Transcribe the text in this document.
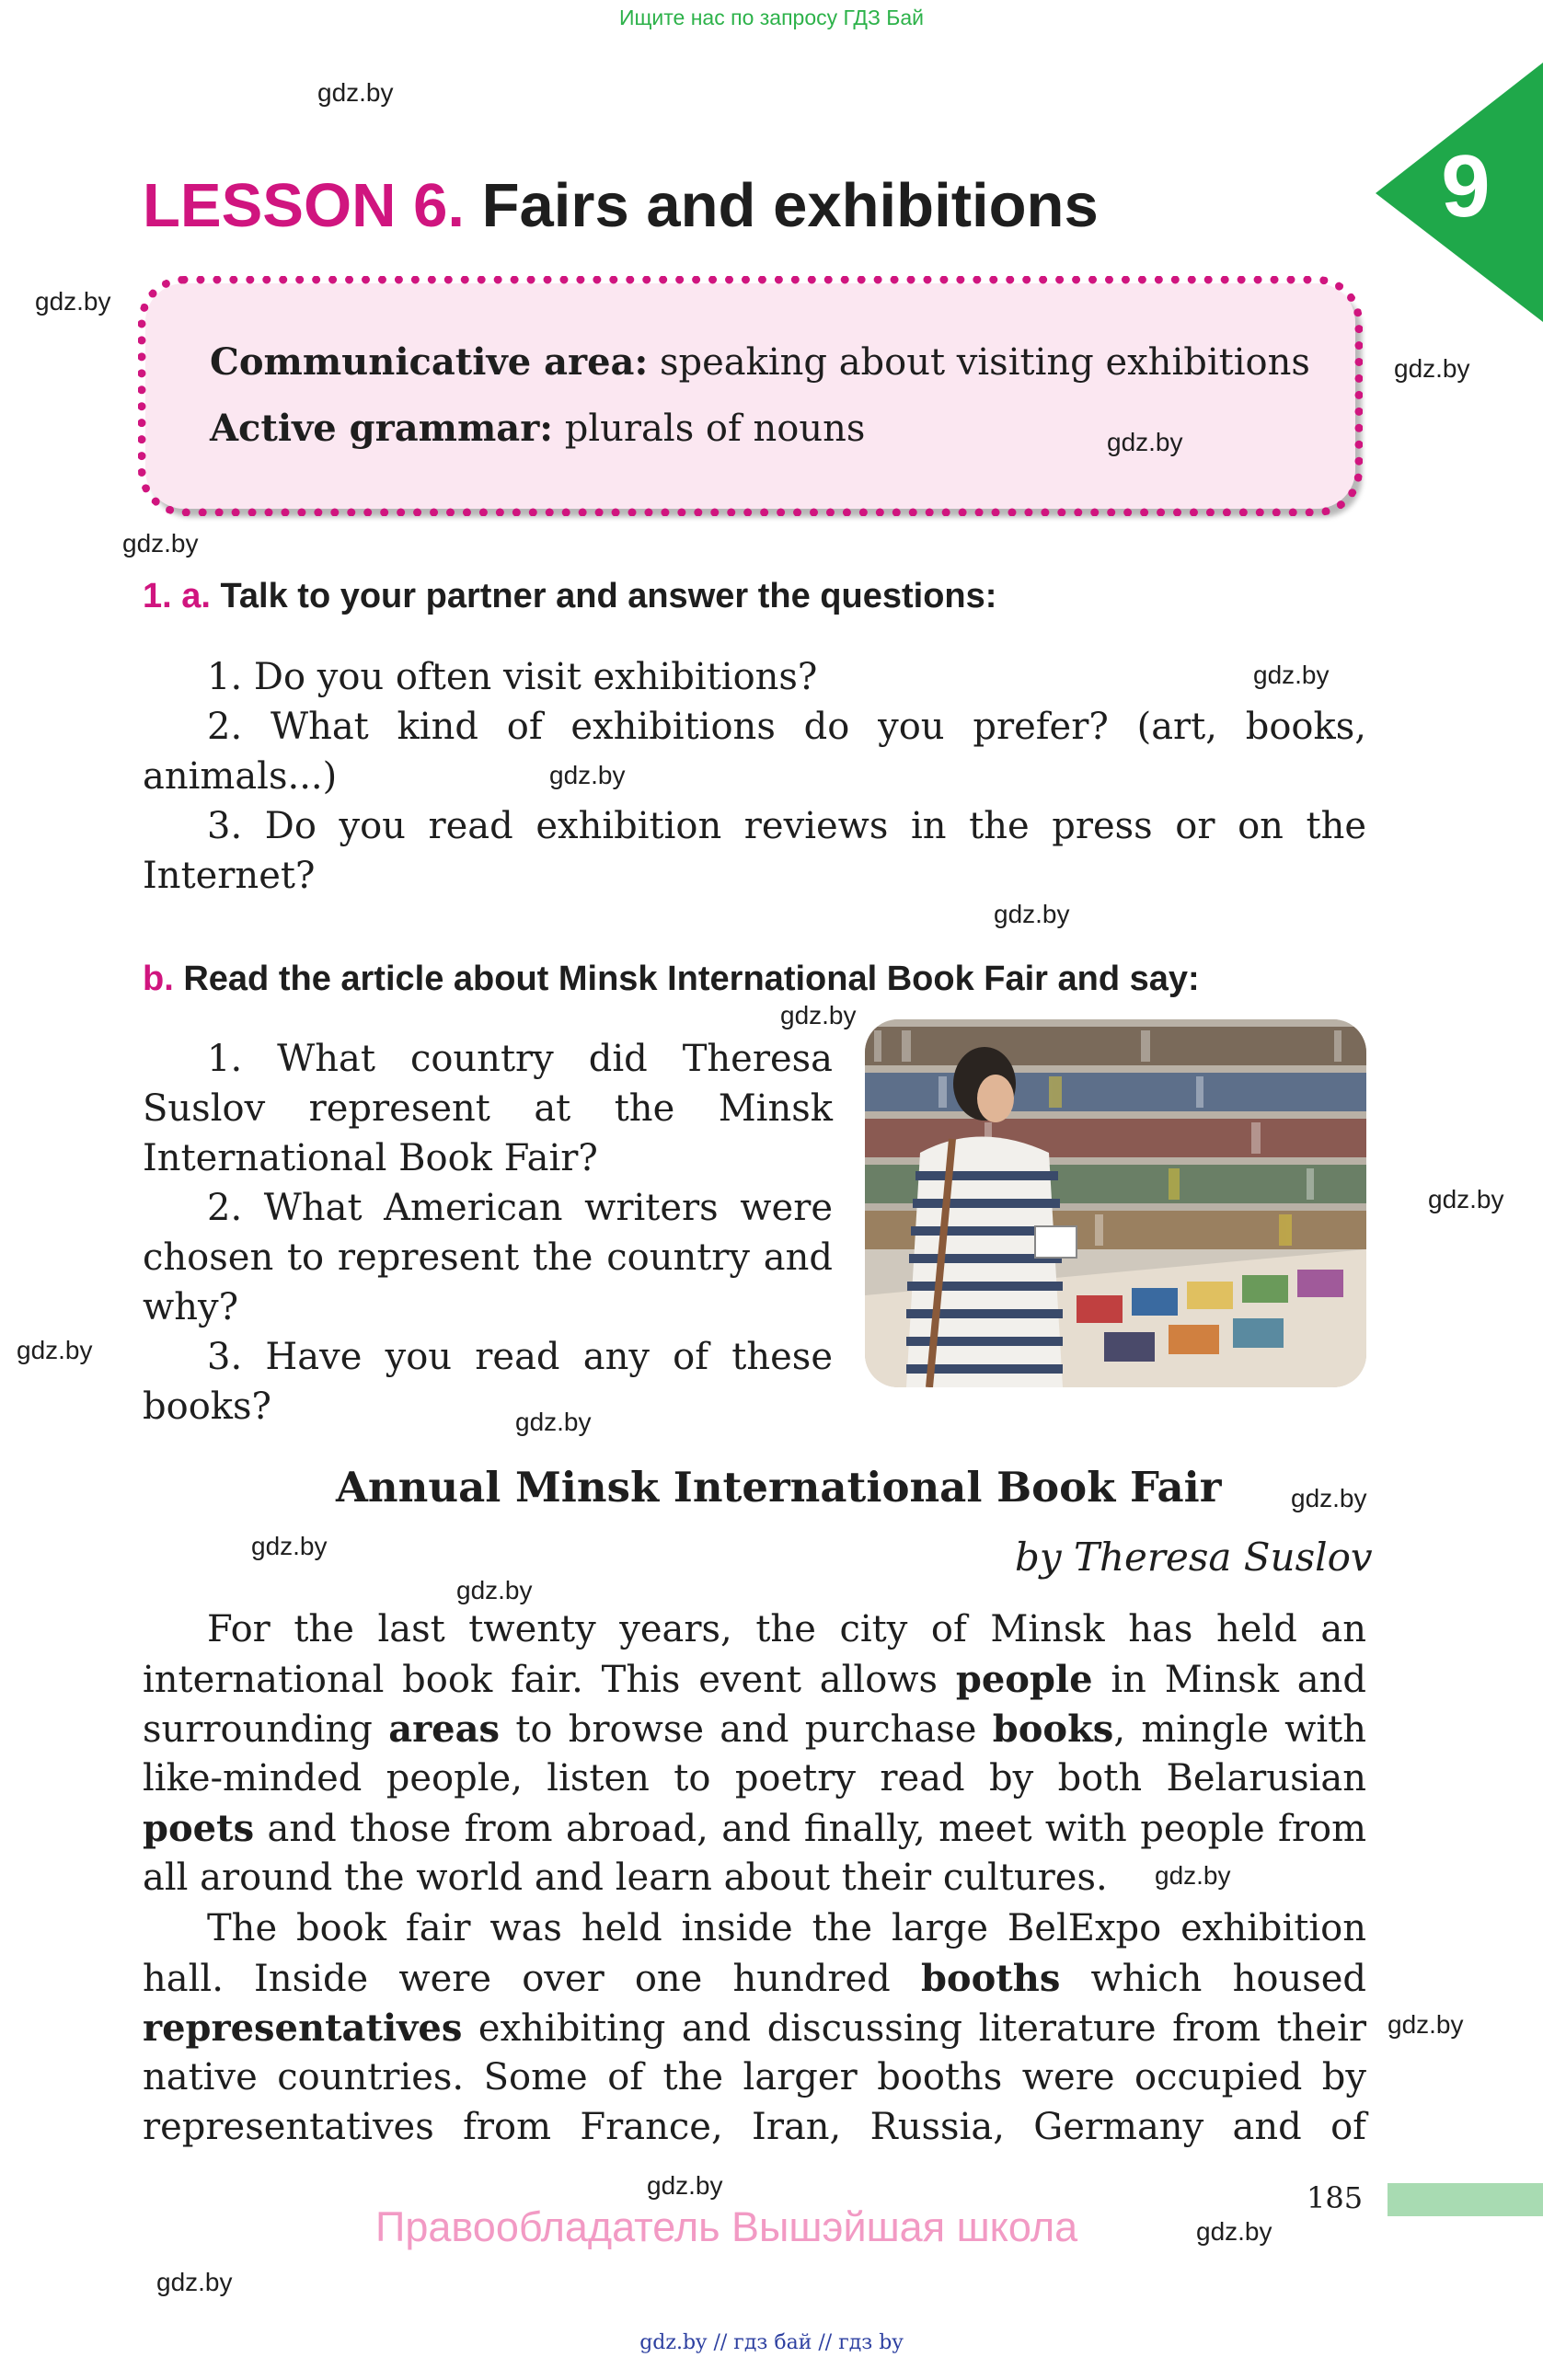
Ищите нас по запросу ГДЗ Бай
9
LESSON 6. Fairs and exhibitions
Communicative area: speaking about visiting exhibitions
Active grammar: plurals of nouns
1. a. Talk to your partner and answer the questions:
1. Do you often visit exhibitions?
2. What kind of exhibitions do you prefer? (art, books,
animals...)
3. Do you read exhibition reviews in the press or on the
Internet?
b. Read the article about Minsk International Book Fair and say:
1. What country did Theresa
Suslov represent at the Minsk
International Book Fair?
2. What American writers were
chosen to represent the country and
why?
3. Have you read any of these
books?
Annual Minsk International Book Fair
by Theresa Suslov
For the last twenty years, the city of Minsk has held an
international book fair. This event allows people in Minsk and
surrounding areas to browse and purchase books, mingle with
like-minded people, listen to poetry read by both Belarusian
poets and those from abroad, and finally, meet with people from
all around the world and learn about their cultures.
The book fair was held inside the large BelExpo exhibition
hall. Inside were over one hundred booths which housed
representatives exhibiting and discussing literature from their
native countries. Some of the larger booths were occupied by
representatives from France, Iran, Russia, Germany and of
185
Правообладатель Вышэйшая школа
gdz.by // гдз бай // гдз by
gdz.by
gdz.by
gdz.by
gdz.by
gdz.by
gdz.by
gdz.by
gdz.by
gdz.by
gdz.by
gdz.by
gdz.by
gdz.by
gdz.by
gdz.by
gdz.by
gdz.by
gdz.by
gdz.by
gdz.by
